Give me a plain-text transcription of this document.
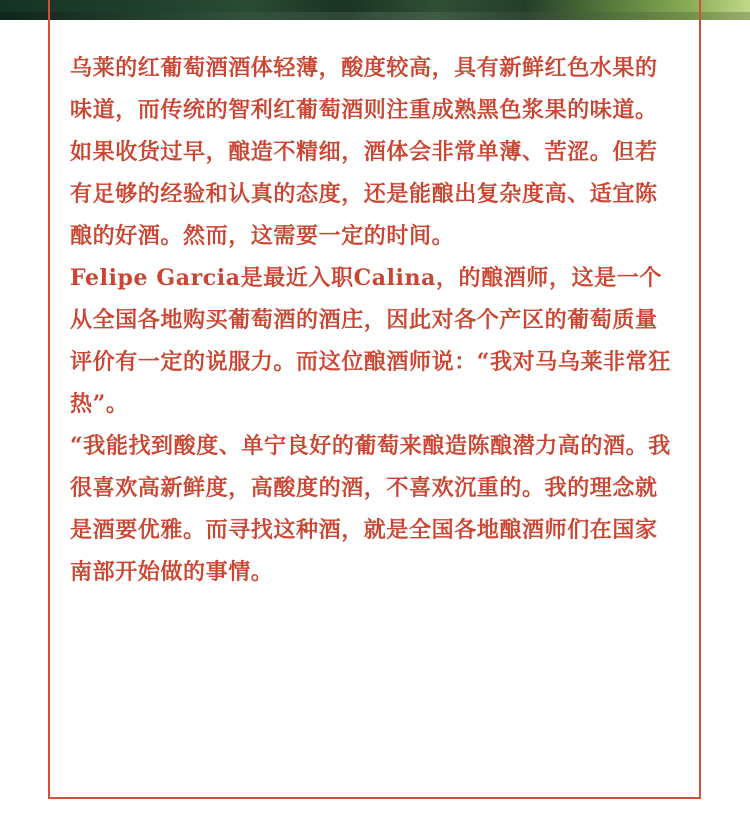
乌莱的红葡萄酒酒体轻薄，酸度较高，具有新鲜红色水果的味道，而传统的智利红葡萄酒则注重成熟黑色浆果的味道。如果收货过早，酿造不精细，酒体会非常单薄、苦涩。但若有足够的经验和认真的态度，还是能酿出复杂度高、适宜陈酿的好酒。然而，这需要一定的时间。

Felipe Garcia是最近入职Calina，的酿酒师，这是一个从全国各地购买葡萄酒的酒庄，因此对各个产区的葡萄质量评价有一定的说服力。而这位酿酒师说：“我对马乌莱非常狂热”。

“我能找到酸度、单宁良好的葡萄来酿造陈酿潜力高的酒。我很喜欢高新鲜度，高酸度的酒，不喜欢沉重的。我的理念就是酒要优雅。而寻找这种酒，就是全国各地酿酒师们在国家南部开始做的事情。
